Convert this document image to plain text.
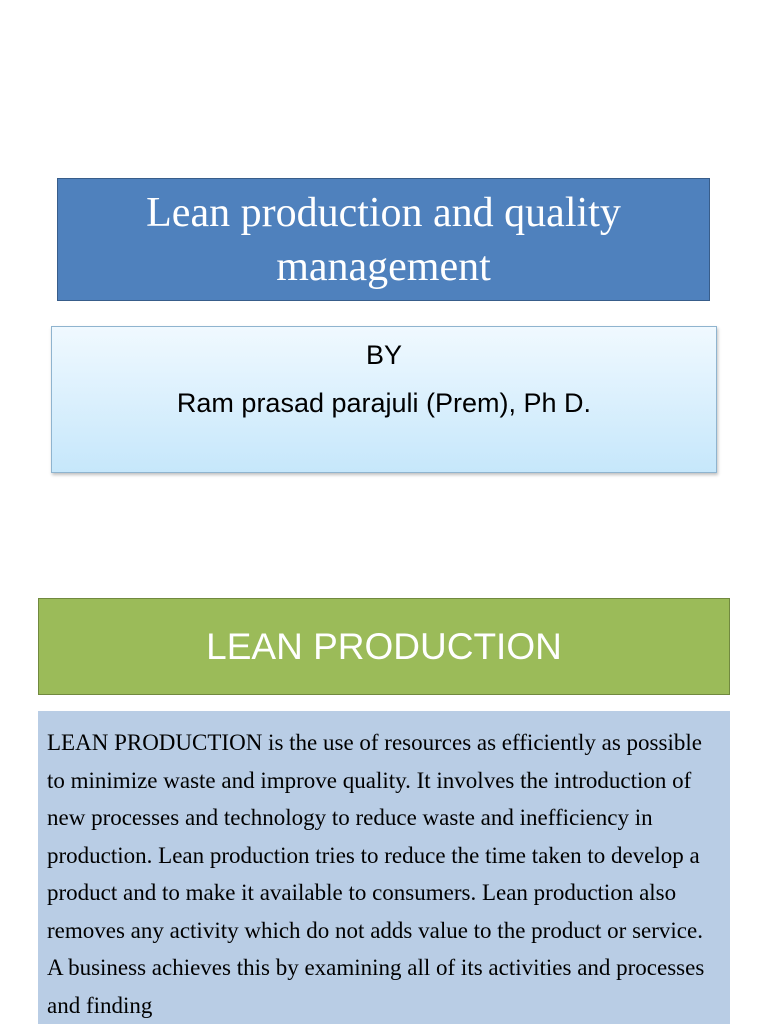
Lean production and quality management
BY
Ram prasad parajuli (Prem), Ph D.
LEAN PRODUCTION

LEAN PRODUCTION is the use of resources as efficiently as possible to minimize waste and improve quality. It involves the introduction of new processes and technology to reduce waste and inefficiency in production. Lean production tries to reduce the time taken to develop a product and to make it available to consumers. Lean production also removes any activity which do not adds value to the product or service. A business achieves this by examining all of its activities and processes and finding
